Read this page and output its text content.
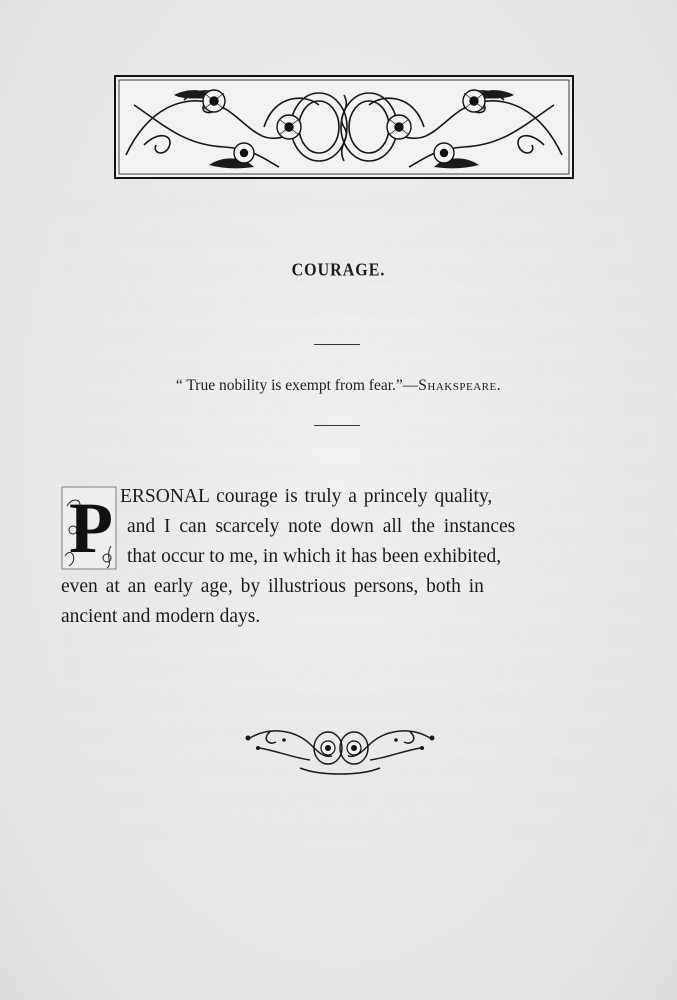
COURAGE.
“ True nobility is exempt from fear.”—Shakspeare.
P ERSONAL courage is truly a princely quality,
and I can scarcely note down all the instances
that occur to me, in which it has been exhibited,
even at an early age, by illustrious persons, both in
ancient and modern days.
